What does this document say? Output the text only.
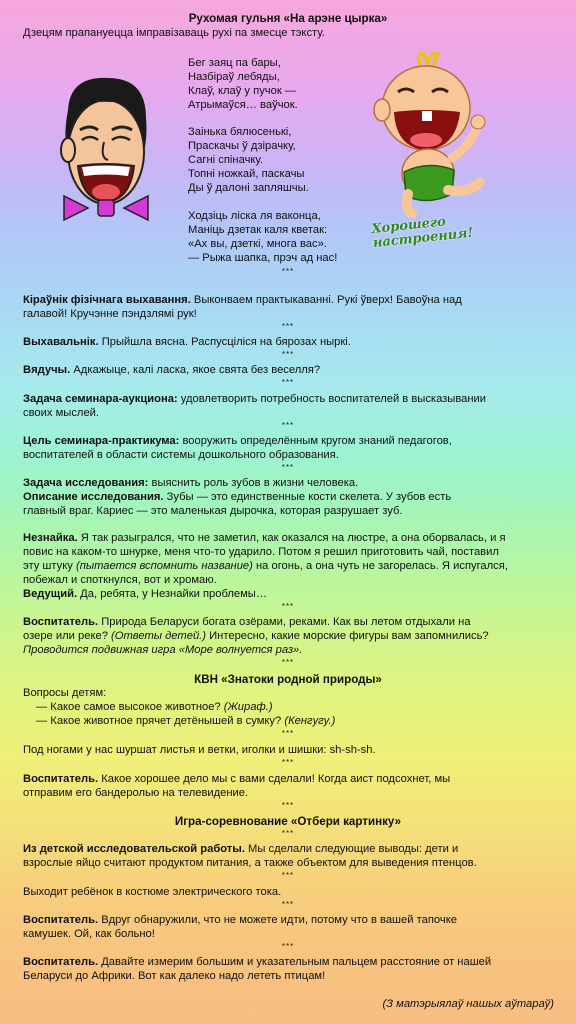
Рухомая гульня «На арэне цырка»
Дзецям прапануецца імправізаваць рухі па змесце тэксту.
Бег заяц па бары,
Назбіраў лебяды,
Клаў, клаў у пучок —
Атрымаўся… ваўчок.
Заінька бялюсенькі,
Праскачы ў дзірачку,
Сагні спіначку.
Топні ножкай, паскачы
Ды ў далоні запляшчы.
Ходзіць ліска ля ваконца,
Маніць дзетак каля кветак:
«Ах вы, дзеткі, многа вас».
— Рыжа шапка, прэч ад нас!
Хорошего настроения!
***
Кіраўнік фізічнага выхавання. Выконваем практыкаванні. Рукі ўверх! Бавоўна над
галавой! Кручэнне пэндзлямі рук!
***
Выхавальнік. Прыйшла вясна. Распусціліся на бярозах ныркі.
***
Вядучы. Адкажыце, калі ласка, якое свята без веселля?
***
Задача семинара-аукциона: удовлетворить потребность воспитателей в высказывании
своих мыслей.
***
Цель семинара-практикума: вооружить определённым кругом знаний педагогов,
воспитателей в области системы дошкольного образования.
***
Задача исследования: выяснить роль зубов в жизни человека.
Описание исследования. Зубы — это единственные кости скелета. У зубов есть
главный враг. Кариес — это маленькая дырочка, которая разрушает зуб.
Незнайка. Я так разыгрался, что не заметил, как оказался на люстре, а она оборвалась, и я
повис на каком-то шнурке, меня что-то ударило. Потом я решил приготовить чай, поставил
эту штуку (пытается вспомнить название) на огонь, а она чуть не загорелась. Я испугался,
побежал и споткнулся, вот и хромаю.
Ведущий. Да, ребята, у Незнайки проблемы…
***
Воспитатель. Природа Беларуси богата озёрами, реками. Как вы летом отдыхали на
озере или реке? (Ответы детей.) Интересно, какие морские фигуры вам запомнились?
Проводится подвижная игра «Море волнуется раз».
***
КВН «Знатоки родной природы»
Вопросы детям:
— Какое самое высокое животное? (Жираф.)
— Какое животное прячет детёнышей в сумку? (Кенгугу.)
***
Под ногами у нас шуршат листья и ветки, иголки и шишки: sh-sh-sh.
***
Воспитатель. Какое хорошее дело мы с вами сделали! Когда аист подсохнет, мы
отправим его бандеролью на телевидение.
***
Игра-соревнование «Отбери картинку»
***
Из детской исследовательской работы. Мы сделали следующие выводы: дети и
взрослые яйцо считают продуктом питания, а также объектом для выведения птенцов.
***
Выходит ребёнок в костюме электрического тока.
***
Воспитатель. Вдруг обнаружили, что не можете идти, потому что в вашей тапочке
камушек. Ой, как больно!
***
Воспитатель. Давайте измерим большим и указательным пальцем расстояние от нашей
Беларуси до Африки. Вот как далеко надо лететь птицам!
(З матэрыялаў нашых аўтараў)
